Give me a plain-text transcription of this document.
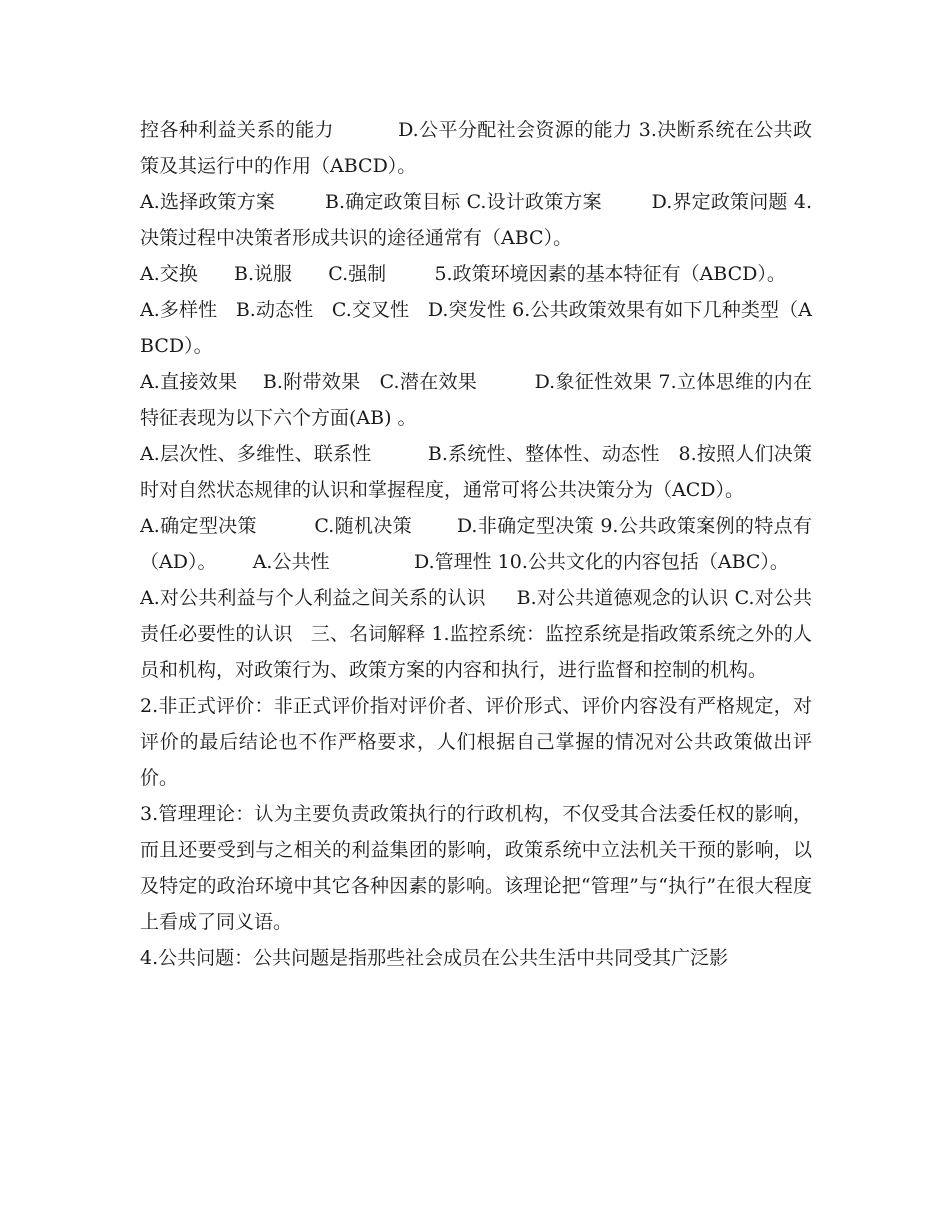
控各种利益关系的能力          D.公平分配社会资源的能力 3.决断系统在公共政策及其运行中的作用（ABCD）。

A.选择政策方案        B.确定政策目标 C.设计政策方案        D.界定政策问题 4.决策过程中决策者形成共识的途径通常有（ABC）。

A.交换      B.说服      C.强制        5.政策环境因素的基本特征有（ABCD）。

A.多样性   B.动态性   C.交叉性   D.突发性 6.公共政策效果有如下几种类型（ABCD）。

A.直接效果    B.附带效果   C.潜在效果         D.象征性效果 7.立体思维的内在特征表现为以下六个方面(AB) 。

A.层次性、多维性、联系性         B.系统性、整体性、动态性   8.按照人们决策时对自然状态规律的认识和掌握程度，通常可将公共决策分为（ACD）。

A.确定型决策         C.随机决策       D.非确定型决策 9.公共政策案例的特点有（AD）。      A.公共性              D.管理性 10.公共文化的内容包括（ABC）。

A.对公共利益与个人利益之间关系的认识     B.对公共道德观念的认识 C.对公共责任必要性的认识   三、名词解释 1.监控系统：监控系统是指政策系统之外的人员和机构，对政策行为、政策方案的内容和执行，进行监督和控制的机构。

2.非正式评价：非正式评价指对评价者、评价形式、评价内容没有严格规定，对评价的最后结论也不作严格要求，人们根据自己掌握的情况对公共政策做出评价。

3.管理理论：认为主要负责政策执行的行政机构，不仅受其合法委任权的影响，而且还要受到与之相关的利益集团的影响，政策系统中立法机关干预的影响，以及特定的政治环境中其它各种因素的影响。该理论把“管理”与“执行”在很大程度上看成了同义语。

4.公共问题：公共问题是指那些社会成员在公共生活中共同受其广泛影
